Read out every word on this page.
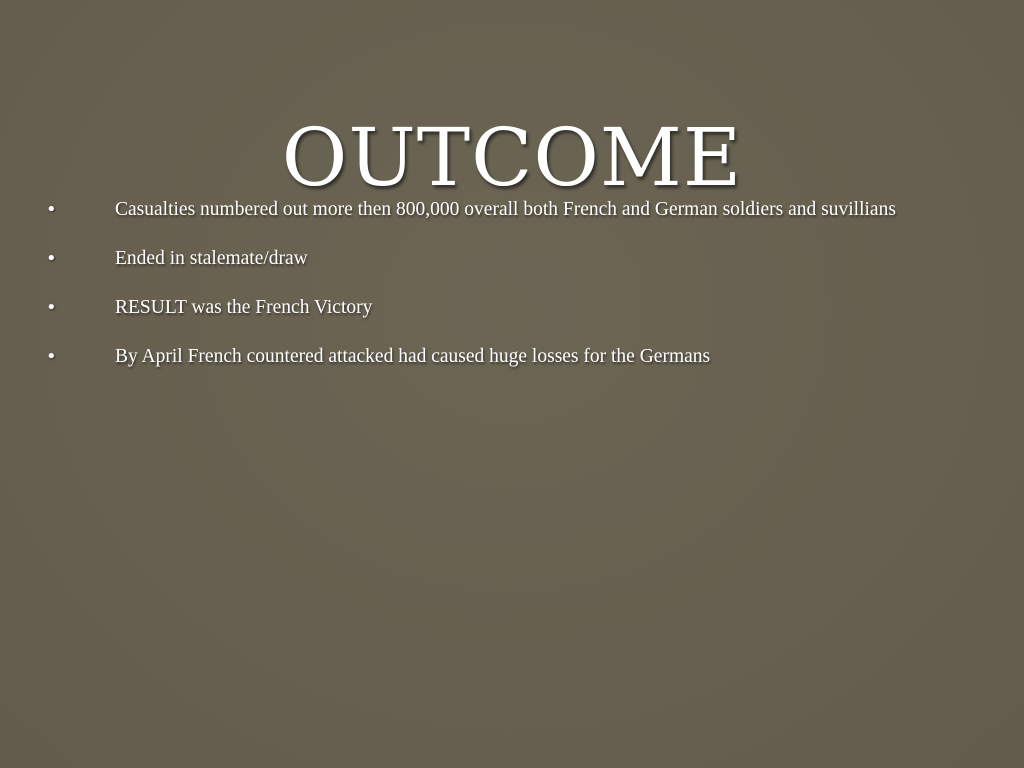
OUTCOME
•	Casualties numbered out more then 800,000 overall both French and German soldiers and suvillians
•	Ended in stalemate/draw
•	RESULT was the French Victory
•	By April French countered attacked had caused huge losses for the Germans
